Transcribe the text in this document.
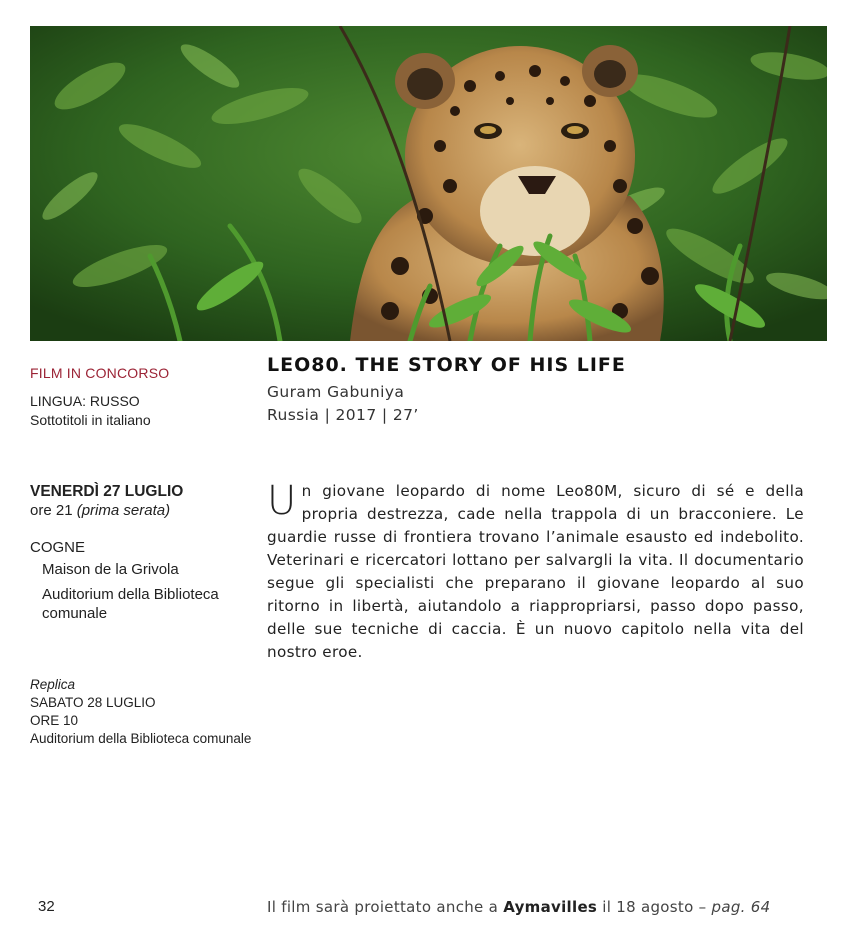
FILM IN CONCORSO
LINGUA: RUSSO
Sottotitoli in italiano
VENERDÌ 27 LUGLIO
ore 21 (prima serata)
COGNE
Maison de la Grivola
Auditorium della Biblioteca comunale
Replica
SABATO 28 LUGLIO
ORE 10
Auditorium della Biblioteca comunale
LEO80. THE STORY OF HIS LIFE
Guram Gabuniya
Russia | 2017 | 27’
Un giovane leopardo di nome Leo80M, sicuro di sé e della propria destrezza, cade nella trappola di un bracconiere. Le guardie russe di frontiera trovano l’animale esausto ed indebolito. Veterinari e ricercatori lottano per salvargli la vita. Il documentario segue gli specialisti che preparano il giovane leopardo al suo ritorno in libertà, aiutandolo a riappropriarsi, passo dopo passo, delle sue tecniche di caccia. È un nuovo capitolo nella vita del nostro eroe.
32	Il film sarà proiettato anche a Aymavilles il 18 agosto – pag. 64
